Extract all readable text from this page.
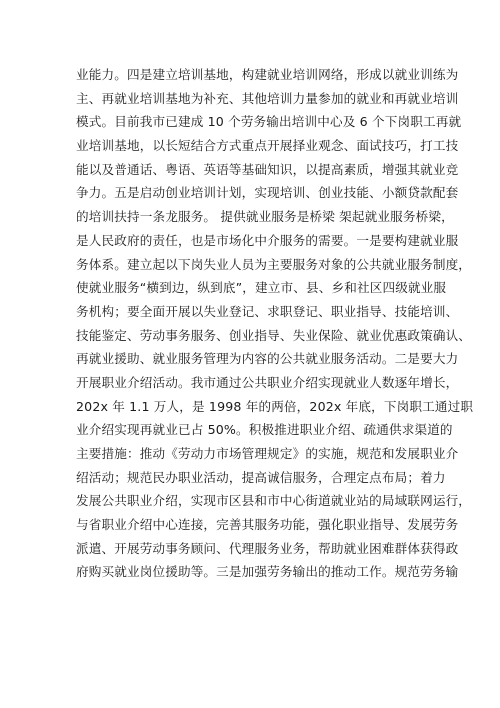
业能力。四是建立培训基地，构建就业培训网络，形成以就业训练为
主、再就业培训基地为补充、其他培训力量参加的就业和再就业培训
模式。目前我市已建成 10 个劳务输出培训中心及 6 个下岗职工再就
业培训基地，以长短结合方式重点开展择业观念、面试技巧，打工技
能以及普通话、粤语、英语等基础知识，以提高素质，增强其就业竞
争力。五是启动创业培训计划，实现培训、创业技能、小额贷款配套
的培训扶持一条龙服务。 提供就业服务是桥梁 架起就业服务桥梁，
是人民政府的责任，也是市场化中介服务的需要。一是要构建就业服
务体系。建立起以下岗失业人员为主要服务对象的公共就业服务制度，
使就业服务“横到边，纵到底”，建立市、县、乡和社区四级就业服
务机构；要全面开展以失业登记、求职登记、职业指导、技能培训、
技能鉴定、劳动事务服务、创业指导、失业保险、就业优惠政策确认、
再就业援助、就业服务管理为内容的公共就业服务活动。二是要大力
开展职业介绍活动。我市通过公共职业介绍实现就业人数逐年增长，
202x 年 1.1 万人，是 1998 年的两倍，202x 年底，下岗职工通过职
业介绍实现再就业已占 50%。积极推进职业介绍、疏通供求渠道的
主要措施：推动《劳动力市场管理规定》的实施，规范和发展职业介
绍活动；规范民办职业活动，提高诚信服务，合理定点布局；着力
发展公共职业介绍，实现市区县和市中心街道就业站的局域联网运行，
与省职业介绍中心连接，完善其服务功能，强化职业指导、发展劳务
派遣、开展劳动事务顾问、代理服务业务，帮助就业困难群体获得政
府购买就业岗位援助等。三是加强劳务输出的推动工作。规范劳务输
